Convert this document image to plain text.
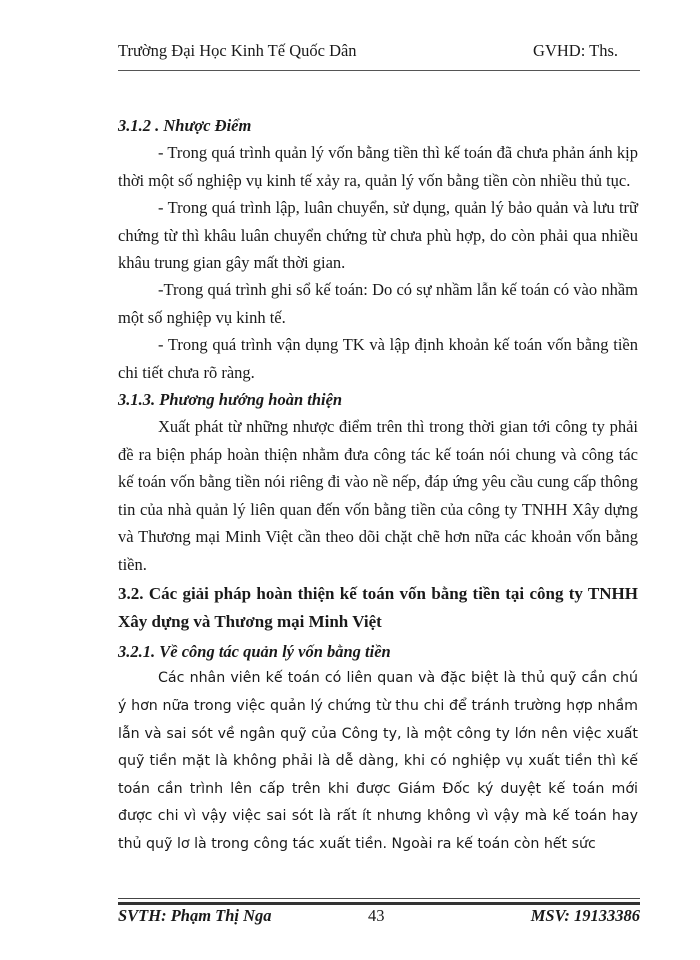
Trường Đại Học Kinh Tế Quốc Dân	GVHD: Ths.

3.1.2 . Nhược Điểm

- Trong quá trình quản lý vốn bằng tiền thì kế toán đã chưa phản ánh kịp thời một số nghiệp vụ kinh tế xảy ra, quản lý vốn bằng tiền còn nhiều thủ tục.

- Trong quá trình lập, luân chuyển, sử dụng, quản lý bảo quản và lưu trữ chứng từ thì khâu luân chuyển chứng từ chưa phù hợp, do còn phải qua nhiều khâu trung gian gây mất thời gian.

-Trong quá trình ghi sổ kế toán: Do có sự nhầm lẫn kế toán có vào nhầm một số nghiệp vụ kinh tế.

- Trong quá trình vận dụng TK và lập định khoản kế toán vốn bằng tiền chi tiết chưa rõ ràng.

3.1.3. Phương hướng hoàn thiện

Xuất phát từ những nhược điểm trên thì trong thời gian tới công ty phải đề ra biện pháp hoàn thiện nhằm đưa công tác kế toán nói chung và công tác kế toán vốn bằng tiền nói riêng đi vào nề nếp, đáp ứng yêu cầu cung cấp thông tin của nhà quản lý liên quan đến vốn bằng tiền của công ty TNHH Xây dựng và Thương mại Minh Việt cần theo dõi chặt chẽ hơn nữa các khoản vốn bằng tiền.

3.2. Các giải pháp hoàn thiện kế toán vốn bằng tiền tại công ty TNHH Xây dựng và Thương mại Minh Việt

3.2.1. Về công tác quản lý vốn bằng tiền

Các nhân viên kế toán có liên quan và đặc biệt là thủ quỹ cần chú ý hơn nữa trong việc quản lý chứng từ thu chi để tránh trường hợp nhầm lẫn và sai sót về ngân quỹ của Công ty, là một công ty lớn nên việc xuất quỹ tiền mặt là không phải là dễ dàng, khi có nghiệp vụ xuất tiền thì kế toán cần trình lên cấp trên khi được Giám Đốc ký duyệt kế toán mới được chi vì vậy việc sai sót là rất ít nhưng không vì vậy mà kế toán hay thủ quỹ lơ là trong công tác xuất tiền. Ngoài ra kế toán còn hết sức

SVTH: Phạm Thị Nga	43	MSV: 19133386
